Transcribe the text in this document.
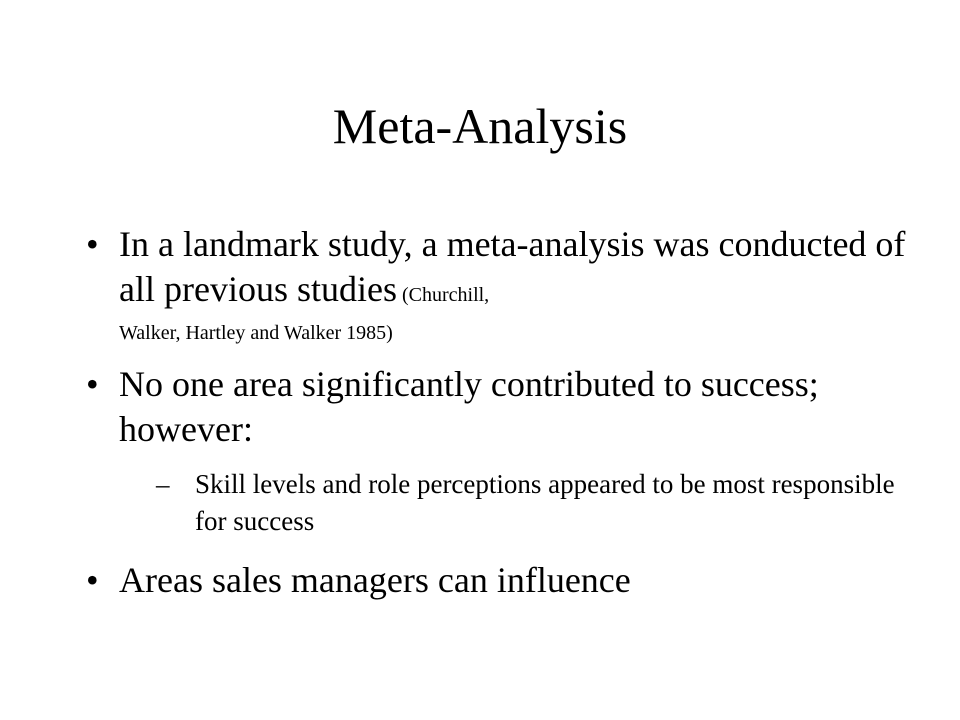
Meta-Analysis
• In a landmark study, a meta-analysis was conducted of all previous studies (Churchill,
Walker, Hartley and Walker 1985)
• No one area significantly contributed to success; however:
– Skill levels and role perceptions appeared to be most responsible for success
• Areas sales managers can influence
